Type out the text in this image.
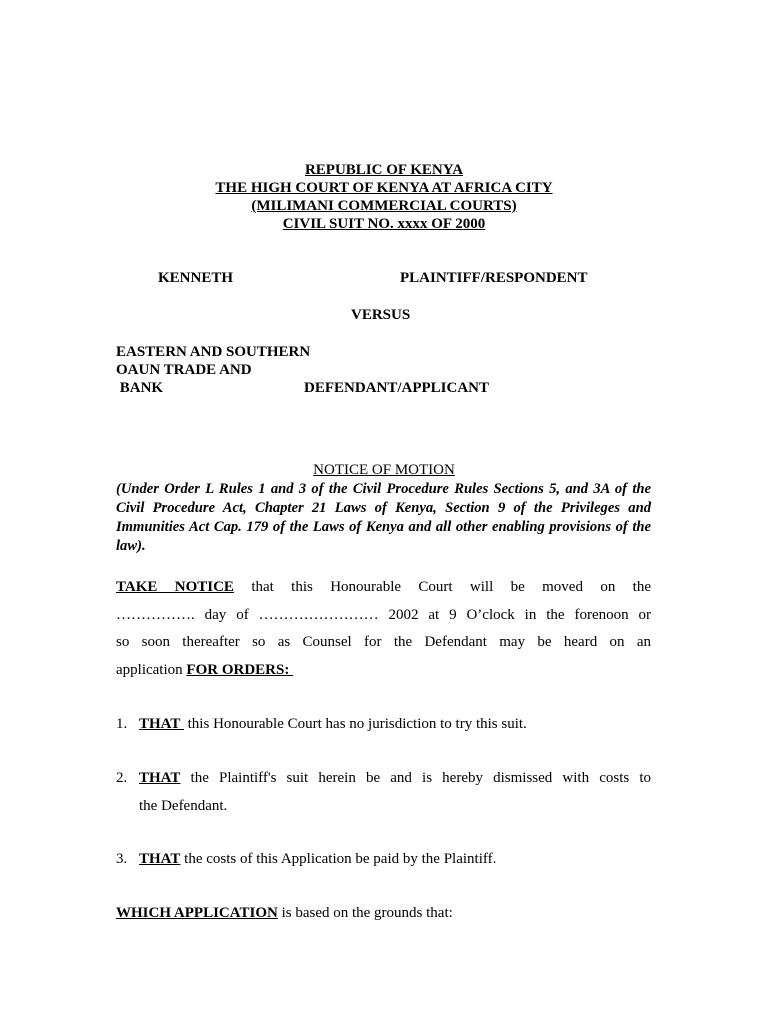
REPUBLIC OF KENYA
THE HIGH COURT OF KENYA AT AFRICA CITY
(MILIMANI COMMERCIAL COURTS)
CIVIL SUIT NO. xxxx OF 2000
KENNETH	PLAINTIFF/RESPONDENT
VERSUS
EASTERN AND SOUTHERN
OAUN TRADE AND
BANK	DEFENDANT/APPLICANT
NOTICE OF MOTION
(Under Order L Rules 1 and 3 of the Civil Procedure Rules Sections 5, and 3A of the Civil Procedure Act, Chapter 21 Laws of Kenya, Section 9 of the Privileges and Immunities Act Cap. 179 of the Laws of Kenya and all other enabling provisions of the law).
TAKE NOTICE that this Honourable Court will be moved on the
……………. day of …………………… 2002 at 9 O’clock in the forenoon or
so soon thereafter so as Counsel for the Defendant may be heard on an
application FOR ORDERS:
1. THAT  this Honourable Court has no jurisdiction to try this suit.
2. THAT the Plaintiff's suit herein be and is hereby dismissed with costs to
the Defendant.
3. THAT the costs of this Application be paid by the Plaintiff.
WHICH APPLICATION is based on the grounds that:
